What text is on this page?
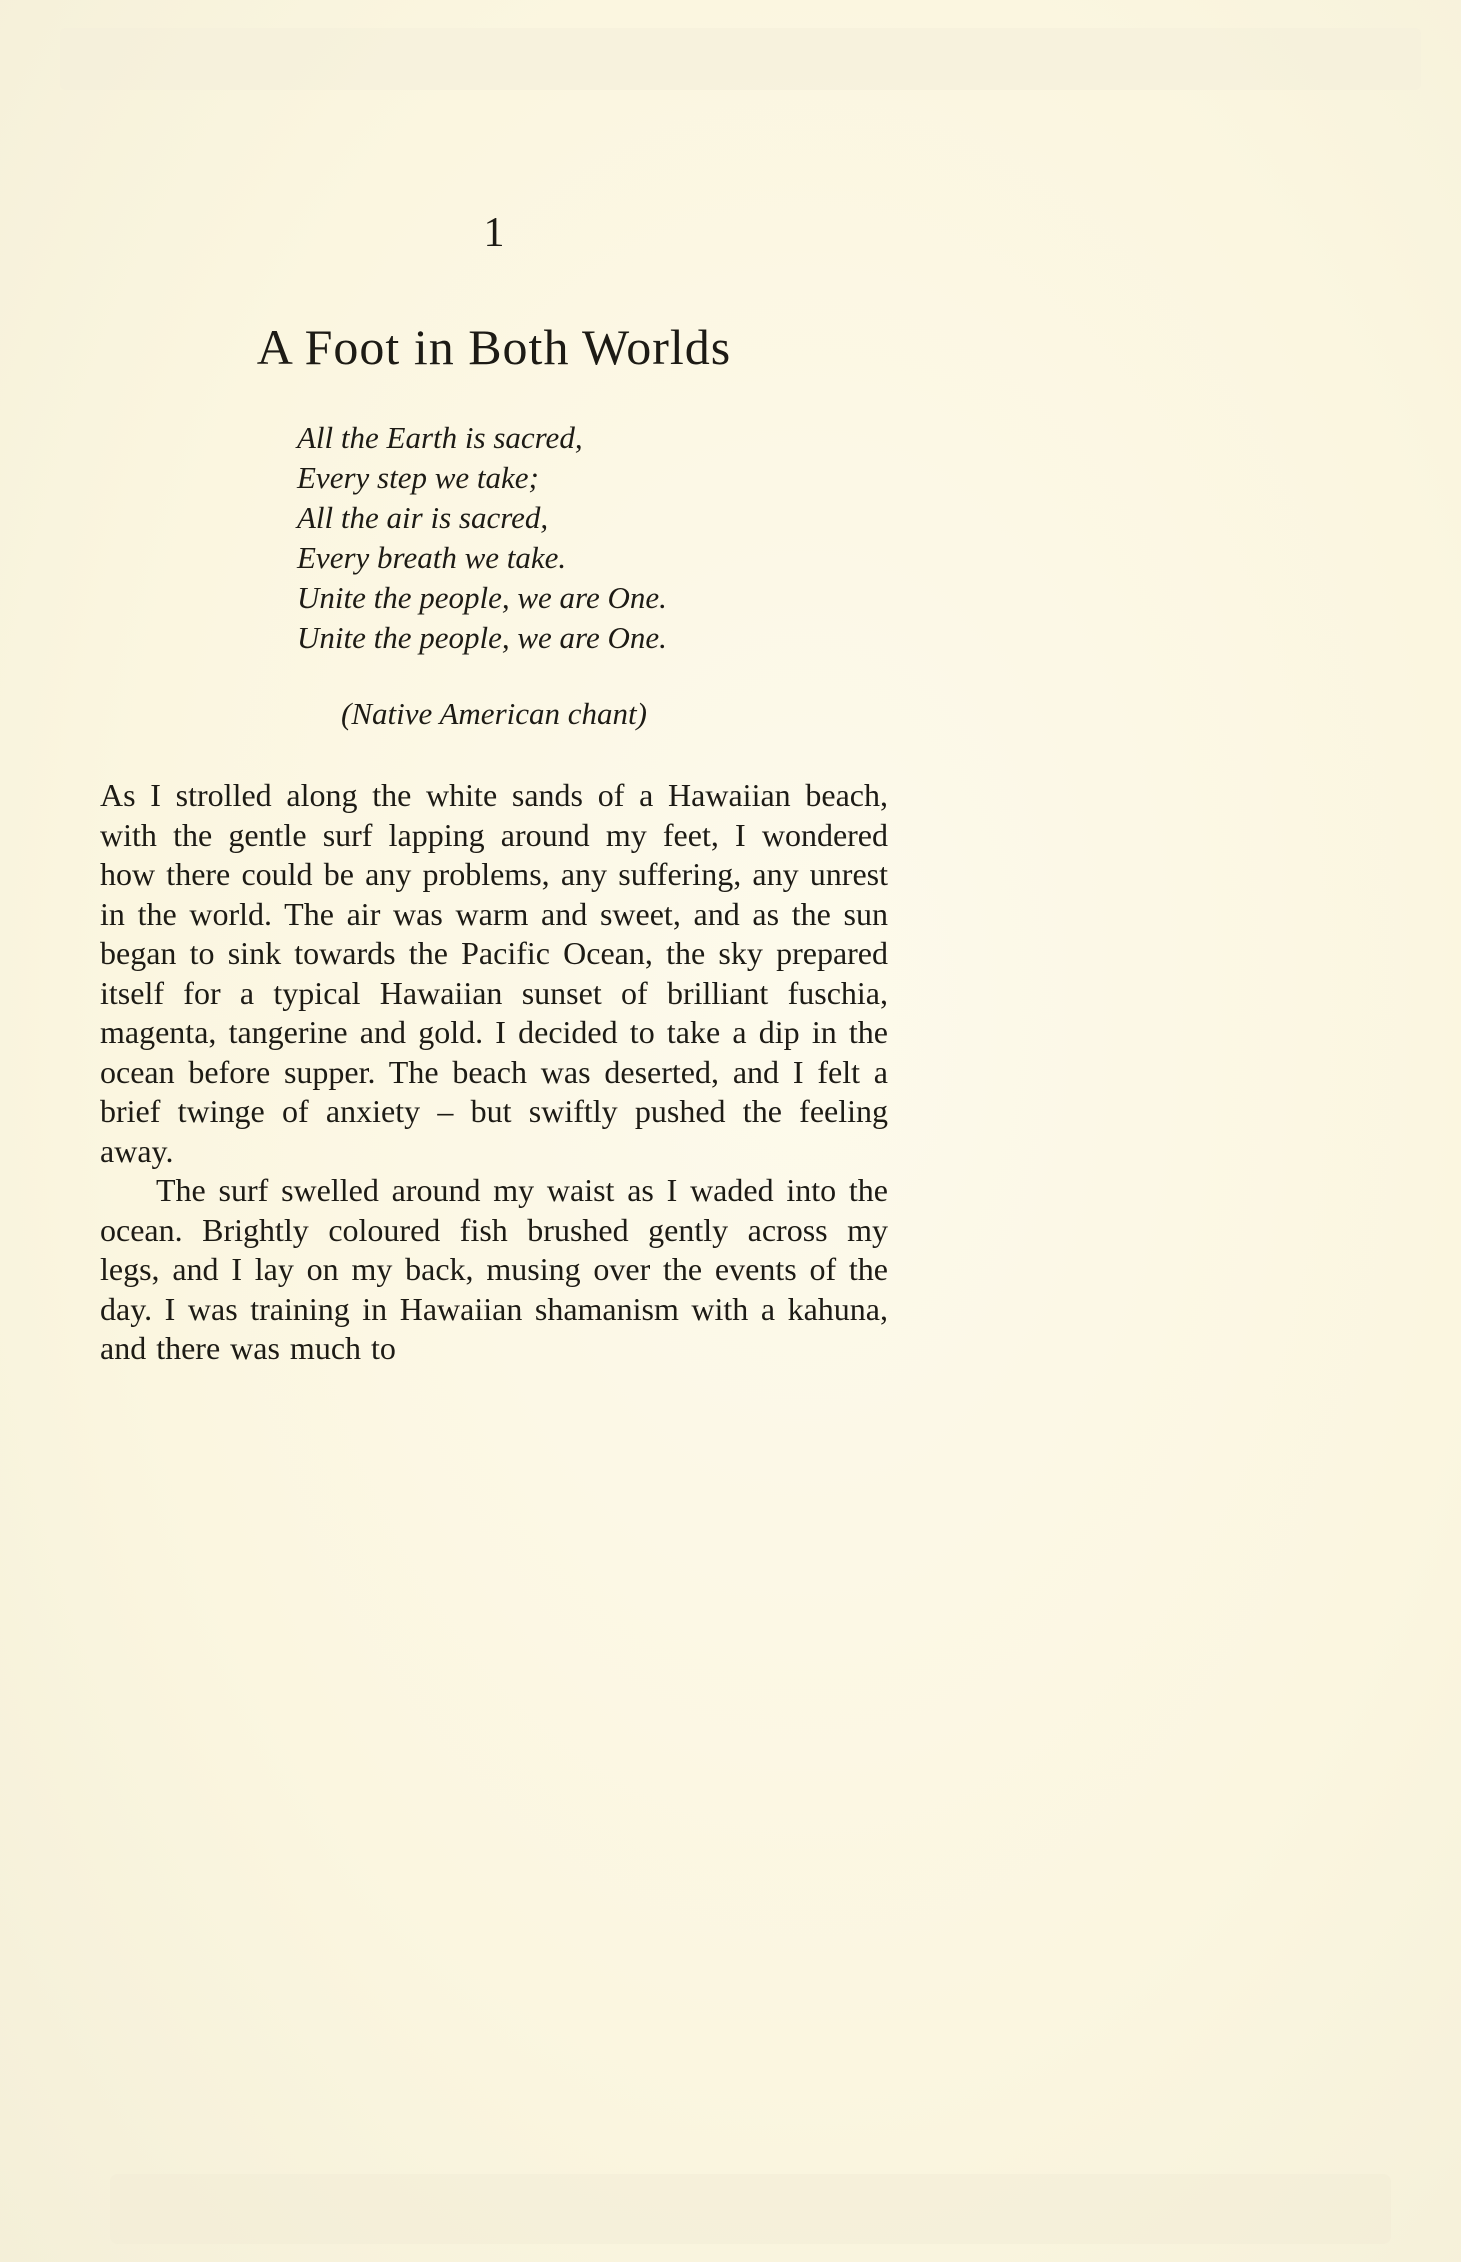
1
A Foot in Both Worlds
All the Earth is sacred,
Every step we take;
All the air is sacred,
Every breath we take.
Unite the people, we are One.
Unite the people, we are One.
(Native American chant)

As I strolled along the white sands of a Hawaiian beach, with the gentle surf lapping around my feet, I wondered how there could be any problems, any suffering, any unrest in the world. The air was warm and sweet, and as the sun began to sink towards the Pacific Ocean, the sky prepared itself for a typical Hawaiian sunset of brilliant fuschia, magenta, tangerine and gold. I decided to take a dip in the ocean before supper. The beach was deserted, and I felt a brief twinge of anxiety – but swiftly pushed the feeling away.

The surf swelled around my waist as I waded into the ocean. Brightly coloured fish brushed gently across my legs, and I lay on my back, musing over the events of the day. I was training in Hawaiian shamanism with a kahuna, and there was much to
